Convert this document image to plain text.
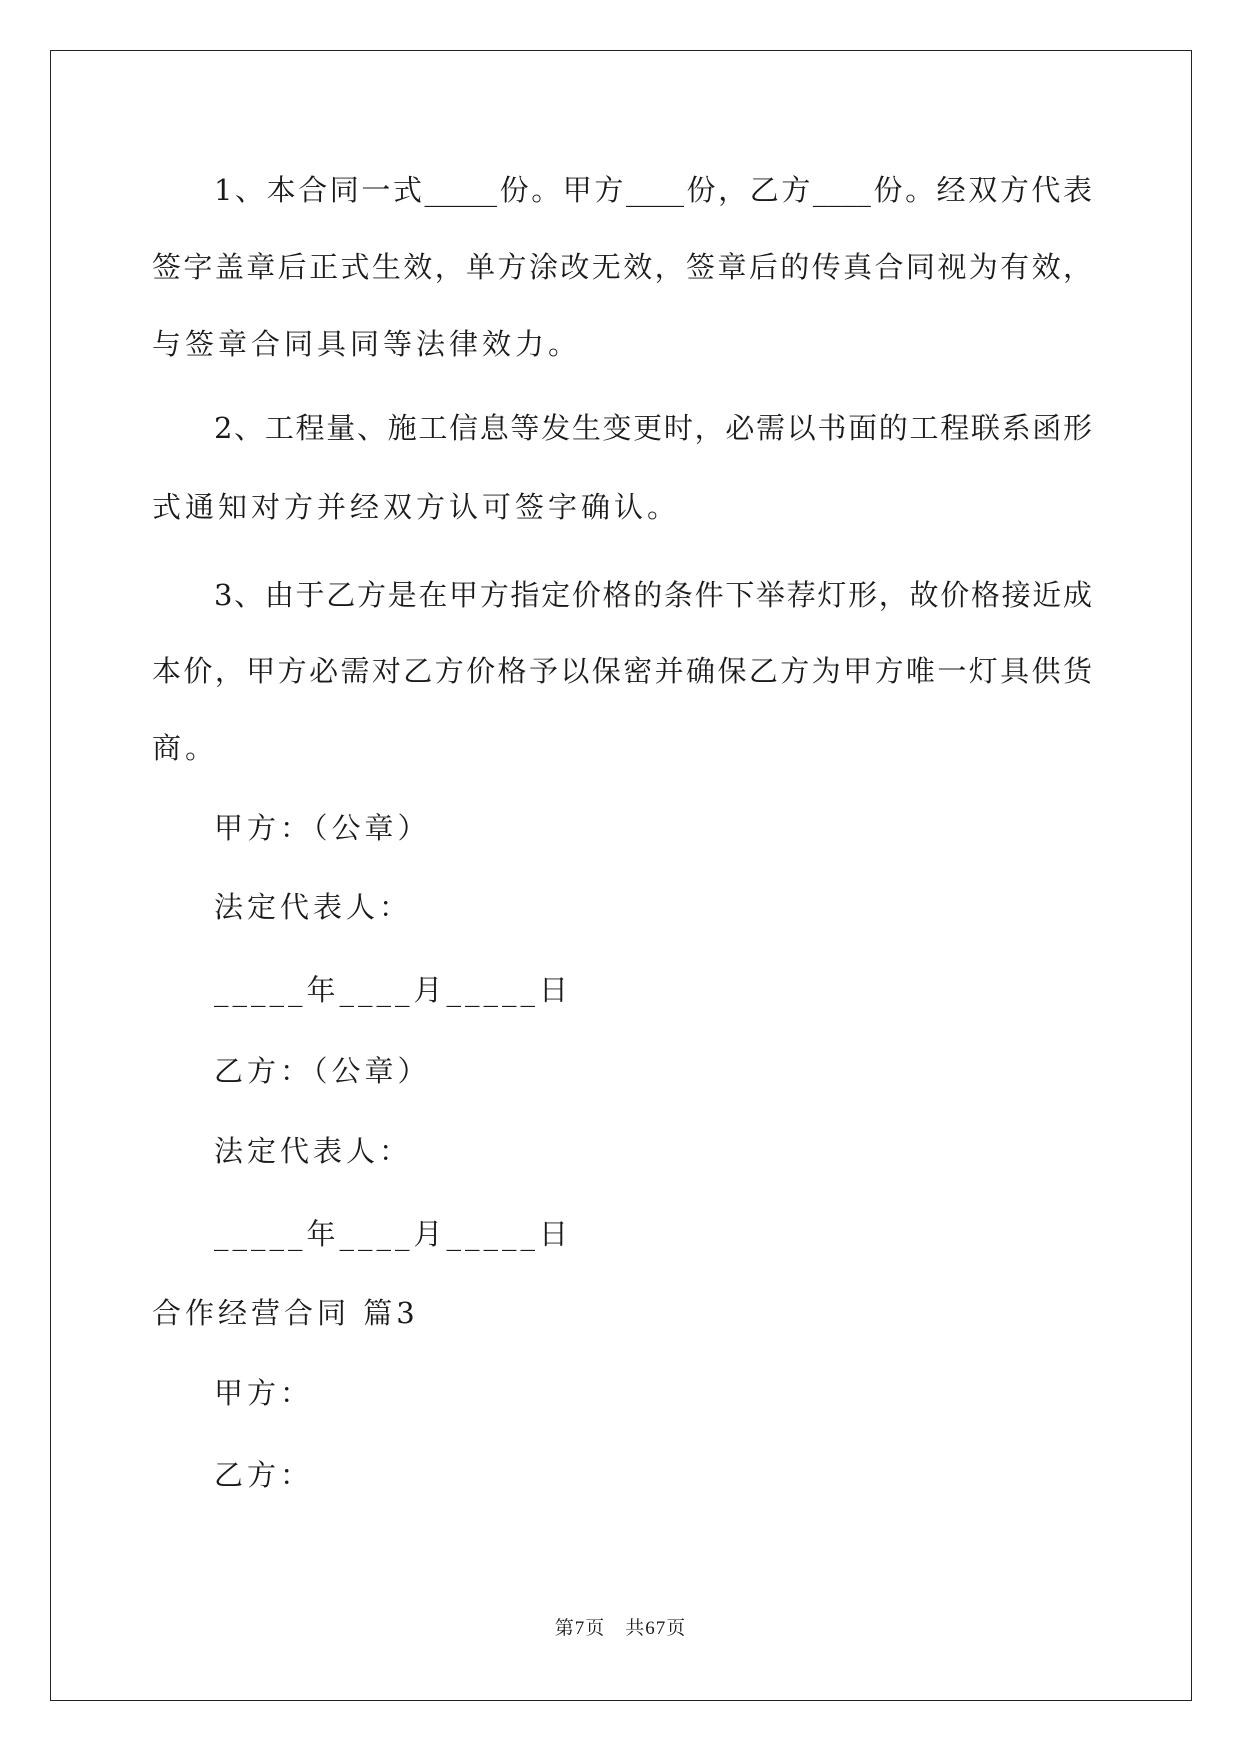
1、本合同一式_____份。甲方____份，乙方____份。经双方代表
签字盖章后正式生效，单方涂改无效，签章后的传真合同视为有效，
与签章合同具同等法律效力。
2、工程量、施工信息等发生变更时，必需以书面的工程联系函形
式通知对方并经双方认可签字确认。
3、由于乙方是在甲方指定价格的条件下举荐灯形，故价格接近成
本价，甲方必需对乙方价格予以保密并确保乙方为甲方唯一灯具供货
商。
甲方：（公章）
法定代表人：
_____年____月_____日
乙方：（公章）
法定代表人：
_____年____月_____日
合作经营合同 篇3
甲方：
乙方：
第7页　共67页
